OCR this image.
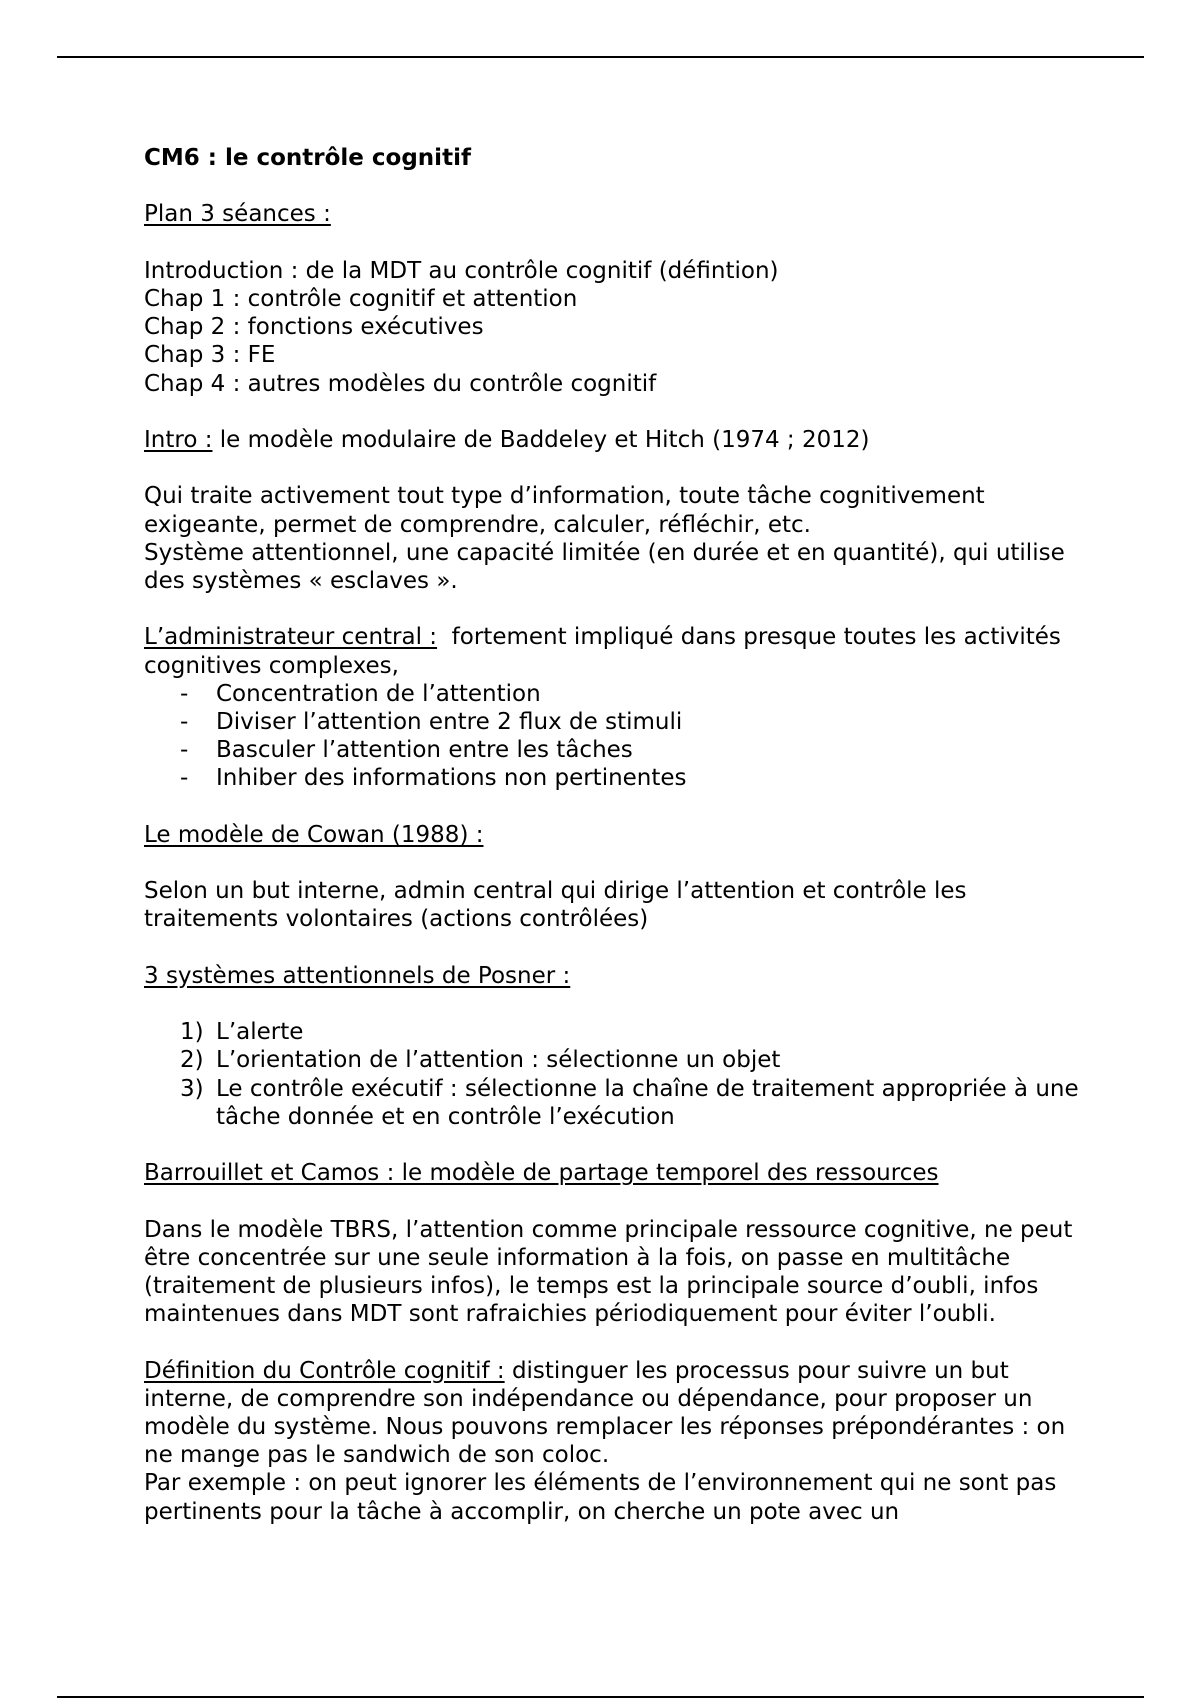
CM6 : le contrôle cognitif

Plan 3 séances :

Introduction : de la MDT au contrôle cognitif (défintion)

Chap 1 : contrôle cognitif et attention

Chap 2 : fonctions exécutives

Chap 3 : FE

Chap 4 : autres modèles du contrôle cognitif

Intro : le modèle modulaire de Baddeley et Hitch (1974 ; 2012)

Qui traite activement tout type d’information, toute tâche cognitivement exigeante, permet de comprendre, calculer, réfléchir, etc.

Système attentionnel, une capacité limitée (en durée et en quantité), qui utilise des systèmes « esclaves ».

L’administrateur central : fortement impliqué dans presque toutes les activités cognitives complexes,

- Concentration de l’attention
- Diviser l’attention entre 2 flux de stimuli
- Basculer l’attention entre les tâches
- Inhiber des informations non pertinentes

Le modèle de Cowan (1988) :

Selon un but interne, admin central qui dirige l’attention et contrôle les traitements volontaires (actions contrôlées)

3 systèmes attentionnels de Posner :

1) L’alerte
2) L’orientation de l’attention : sélectionne un objet
3) Le contrôle exécutif : sélectionne la chaîne de traitement appropriée à une tâche donnée et en contrôle l’exécution

Barrouillet et Camos : le modèle de partage temporel des ressources

Dans le modèle TBRS, l’attention comme principale ressource cognitive, ne peut être concentrée sur une seule information à la fois, on passe en multitâche (traitement de plusieurs infos), le temps est la principale source d’oubli, infos maintenues dans MDT sont rafraichies périodiquement pour éviter l’oubli.

Définition du Contrôle cognitif : distinguer les processus pour suivre un but interne, de comprendre son indépendance ou dépendance, pour proposer un modèle du système. Nous pouvons remplacer les réponses prépondérantes : on ne mange pas le sandwich de son coloc.

Par exemple : on peut ignorer les éléments de l’environnement qui ne sont pas pertinents pour la tâche à accomplir, on cherche un pote avec un
